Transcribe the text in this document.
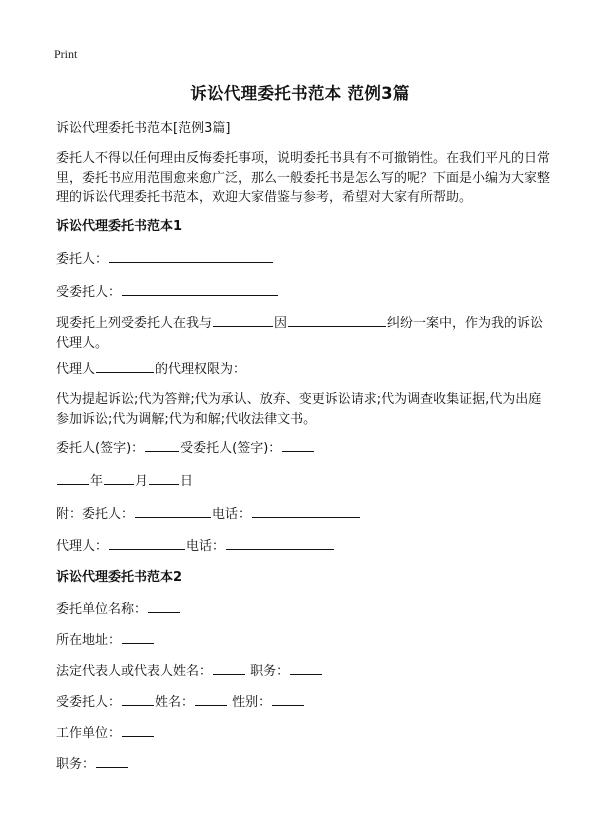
Print
诉讼代理委托书范本 范例3篇
诉讼代理委托书范本[范例3篇]
委托人不得以任何理由反悔委托事项，说明委托书具有不可撤销性。在我们平凡的日常里，委托书应用范围愈来愈广泛，那么一般委托书是怎么写的呢？下面是小编为大家整理的诉讼代理委托书范本，欢迎大家借鉴与参考，希望对大家有所帮助。
诉讼代理委托书范本1
委托人：
受委托人：
现委托上列受委托人在我与	因	纠纷一案中，作为我的诉讼代理人。
代理人	的代理权限为：
代为提起诉讼;代为答辩;代为承认、放弃、变更诉讼请求;代为调查收集证据,代为出庭参加诉讼;代为调解;代为和解;代收法律文书。
委托人(签字)：	受委托人(签字)：
年 月 日
附：委托人：	电话：
代理人：	电话：
诉讼代理委托书范本2
委托单位名称：
所在地址：
法定代表人或代表人姓名：	职务：
受委托人：	姓名：	性别：
工作单位：
职务：
